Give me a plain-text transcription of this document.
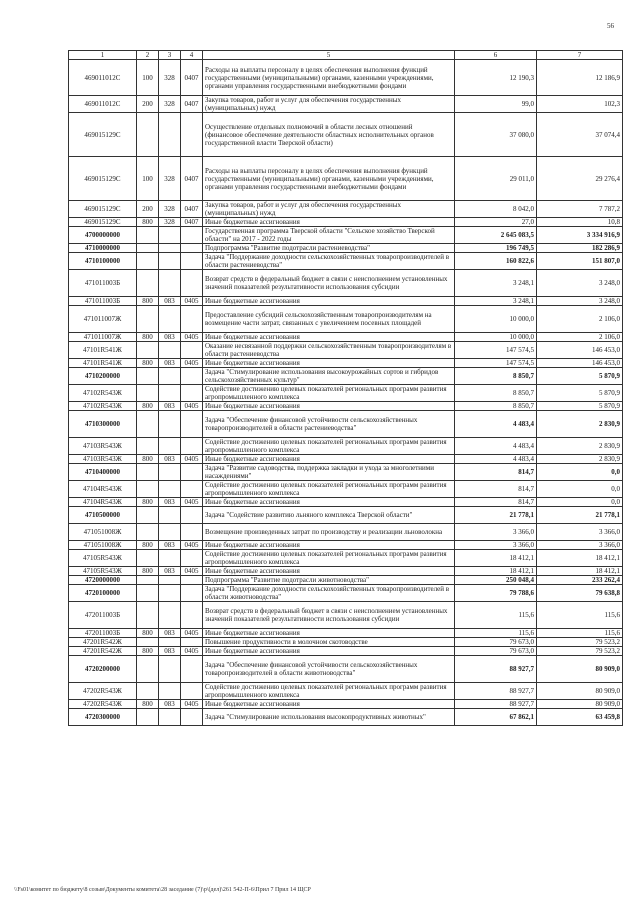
56
1	2	3	4	5	6	7
469011012С	100	328	0407	Расходы на выплаты персоналу в целях обеспечения выполнения функций государственными (муниципальными) органами, казенными учреждениями, органами управления государственными внебюджетными фондами	12 190,3	12 186,9
469011012С	200	328	0407	Закупка товаров, работ и услуг для обеспечения государственных (муниципальных) нужд	99,0	102,3
469015129С				Осуществление отдельных полномочий в области лесных отношений (финансовое обеспечение деятельности областных исполнительных органов государственной власти Тверской области)	37 080,0	37 074,4
469015129С	100	328	0407	Расходы на выплаты персоналу в целях обеспечения выполнения функций государственными (муниципальными) органами, казенными учреждениями, органами управления государственными внебюджетными фондами	29 011,0	29 276,4
469015129С	200	328	0407	Закупка товаров, работ и услуг для обеспечения государственных (муниципальных) нужд	8 042,0	7 787,2
469015129С	800	328	0407	Иные бюджетные ассигнования	27,0	10,8
4700000000				Государственная программа Тверской области "Сельское хозяйство Тверской области" на 2017 - 2022 годы	2 645 083,5	3 334 916,9
4710000000				Подпрограмма "Развитие подотрасли растениеводства"	196 749,5	182 286,9
4710100000				Задача "Поддержание доходности сельскохозяйственных товаропроизводителей в области растениеводства"	160 822,6	151 807,0
471011003Б				Возврат средств в федеральный бюджет в связи с неисполнением установленных значений показателей результативности использования субсидии	3 248,1	3 248,0
471011003Б	800	083	0405	Иные бюджетные ассигнования	3 248,1	3 248,0
471011007Ж				Предоставление субсидий сельскохозяйственным товаропроизводителям на возмещение части затрат, связанных с увеличением посевных площадей	10 000,0	2 106,0
471011007Ж	800	083	0405	Иные бюджетные ассигнования	10 000,0	2 106,0
47101R541Ж				Оказание несвязанной поддержки сельскохозяйственным товаропроизводителям в области растениеводства	147 574,5	146 453,0
47101R541Ж	800	083	0405	Иные бюджетные ассигнования	147 574,5	146 453,0
4710200000				Задача "Стимулирование использования высокоурожайных сортов и гибридов сельскохозяйственных культур"	8 850,7	5 870,9
47102R543Ж				Содействие достижению целевых показателей региональных программ развития агропромышленного комплекса	8 850,7	5 870,9
47102R543Ж	800	083	0405	Иные бюджетные ассигнования	8 850,7	5 870,9
4710300000				Задача "Обеспечение финансовой устойчивости сельскохозяйственных товаропроизводителей в области растениеводства"	4 483,4	2 830,9
47103R543Ж				Содействие достижению целевых показателей региональных программ развития агропромышленного комплекса	4 483,4	2 830,9
47103R543Ж	800	083	0405	Иные бюджетные ассигнования	4 483,4	2 830,9
4710400000				Задача "Развитие садоводства, поддержка закладки и ухода за многолетними насаждениями"	814,7	0,0
47104R543Ж				Содействие достижению целевых показателей региональных программ развития агропромышленного комплекса	814,7	0,0
47104R543Ж	800	083	0405	Иные бюджетные ассигнования	814,7	0,0
4710500000				Задача "Содействие развитию льняного комплекса Тверской области"	21 778,1	21 778,1
471051008Ж				Возмещение произведенных затрат по производству и реализации льноволокна	3 366,0	3 366,0
471051008Ж	800	083	0405	Иные бюджетные ассигнования	3 366,0	3 366,0
47105R543Ж				Содействие достижению целевых показателей региональных программ развития агропромышленного комплекса	18 412,1	18 412,1
47105R543Ж	800	083	0405	Иные бюджетные ассигнования	18 412,1	18 412,1
4720000000				Подпрограмма "Развитие подотрасли животноводства"	250 048,4	233 262,4
4720100000				Задача "Поддержание доходности сельскохозяйственных товаропроизводителей в области животноводства"	79 788,6	79 638,8
472011003Б				Возврат средств в федеральный бюджет в связи с неисполнением установленных значений показателей результативности использования субсидии	115,6	115,6
472011003Б	800	083	0405	Иные бюджетные ассигнования	115,6	115,6
47201R542Ж				Повышение продуктивности в молочном скотоводстве	79 673,0	79 523,2
47201R542Ж	800	083	0405	Иные бюджетные ассигнования	79 673,0	79 523,2
4720200000				Задача "Обеспечение финансовой устойчивости сельскохозяйственных товаропроизводителей в области животноводства"	88 927,7	80 909,0
47202R543Ж				Содействие достижению целевых показателей региональных программ развития агропромышленного комплекса	88 927,7	80 909,0
47202R543Ж	800	083	0405	Иные бюджетные ассигнования	88 927,7	80 909,0
4720300000				Задача "Стимулирование использования высокопродуктивных животных"	67 862,1	63 459,8
\\Fs01\комитет по бюджету\8 созыв\Документы комитета\28 заседание (7)\р\(дел)\261 542-П-6\Прил 7 Прил 14 ЩСР
